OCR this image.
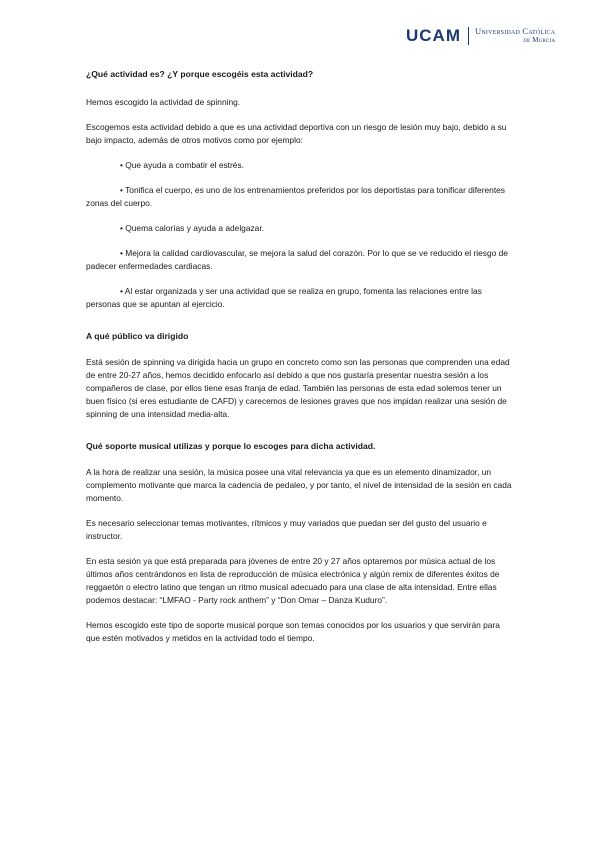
UCAM Universidad Católica
de Murcia

¿Qué actividad es? ¿Y porque escogéis esta actividad?

Hemos escogido la actividad de spinning.

Escogemos esta actividad debido a que es una actividad deportiva con un riesgo de lesión muy bajo, debido a su bajo impacto, además de otros motivos como por ejemplo:

• Que ayuda a combatir el estrés.

• Tonifica el cuerpo, es uno de los entrenamientos preferidos por los deportistas para tonificar diferentes zonas del cuerpo.

• Quema calorías y ayuda a adelgazar.

• Mejora la calidad cardiovascular, se mejora la salud del corazón. Por lo que se ve reducido el riesgo de padecer enfermedades cardiacas.

• Al estar organizada y ser una actividad que se realiza en grupo, fomenta las relaciones entre las personas que se apuntan al ejercicio.

A qué público va dirigido

Está sesión de spinning va dirigida hacia un grupo en concreto como son las personas que comprenden una edad de entre 20-27 años, hemos decidido enfocarlo así debido a que nos gustaría presentar nuestra sesión a los compañeros de clase, por ellos tiene esas franja de edad. También las personas de esta edad solemos tener un buen físico (si eres estudiante de CAFD) y carecemos de lesiones graves que nos impidan realizar una sesión de spinning de una intensidad media-alta.

Qué soporte musical utilizas y porque lo escoges para dicha actividad.

A la hora de realizar una sesión, la música posee una vital relevancia ya que es un elemento dinamizador, un complemento motivante que marca la cadencia de pedaleo, y por tanto, el nivel de intensidad de la sesión en cada momento.

Es necesario seleccionar temas motivantes, rítmicos y muy variados que puedan ser del gusto del usuario e instructor.

En esta sesión ya que está preparada para jóvenes de entre 20 y 27 años optaremos por música actual de los últimos años centrándonos en lista de reproducción de música electrónica y algún remix de diferentes éxitos de reggaetón o electro latino que tengan un ritmo musical adecuado para una clase de alta intensidad. Entre ellas podemos destacar: “LMFAO - Party rock anthem” y “Don Omar – Danza Kuduro”.

Hemos escogido este tipo de soporte musical porque son temas conocidos por los usuarios y que servirán para que estén motivados y metidos en la actividad todo el tiempo.
